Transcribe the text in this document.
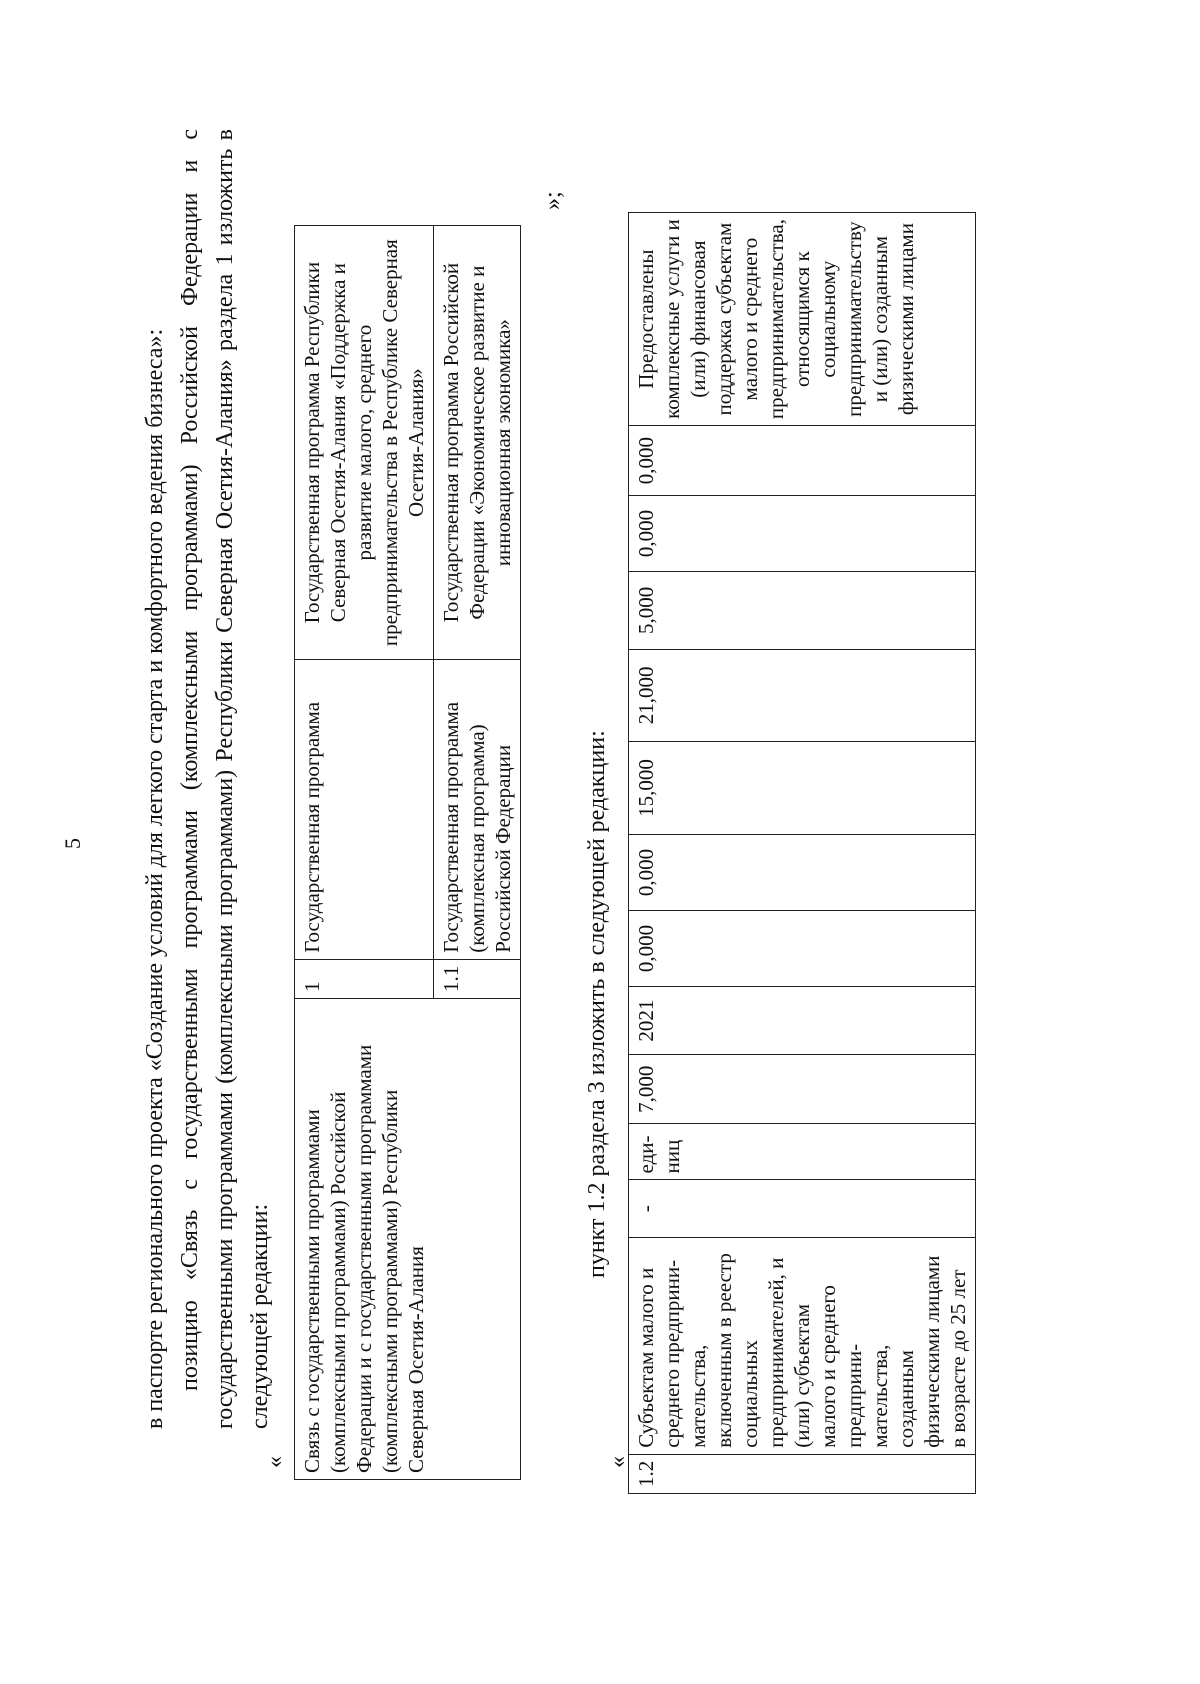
5 в паспорте регионального проекта «Создание условий для легкого старта и комфортного ведения бизнеса»: позицию «Связь с государственными программами (комплексными программами) Российской Федерации и с государственными программами (комплексными программами) Республики Северная Осетия-Алания» раздела 1 изложить в следующей редакции:
« Связь с государственными программами (комплексными программами) Российской Федерации и с государственными программами (комплексными программами) Республики Северная Осетия-Алания	1	Государственная программа	Государственная программа Республики Северная Осетия-Алания «Поддержка и развитие малого, среднего предпринимательства в Республике Северная Осетия-Алания»
	1.1	Государственная программа (комплексная программа) Российской Федерации	Государственная программа Российской Федерации «Экономическое развитие и инновационная экономика»
»;
пункт 1.2 раздела 3 изложить в следующей редакции:
« 1.2	Субъектам малого и среднего предприни-мательства, включенным в реестр социальных предпринимателей, и (или) субъектам малого и среднего предприни-мательства, созданным физическими лицами в возрасте до 25 лет	-	еди-ниц	7,000	2021	0,000	0,000	15,000	21,000	5,000	0,000	0,000	Предоставлены комплексные услуги и (или) финансовая поддержка субъектам малого и среднего предпринимательства, относящимся к социальному предпринимательству и (или) созданным физическими лицами
